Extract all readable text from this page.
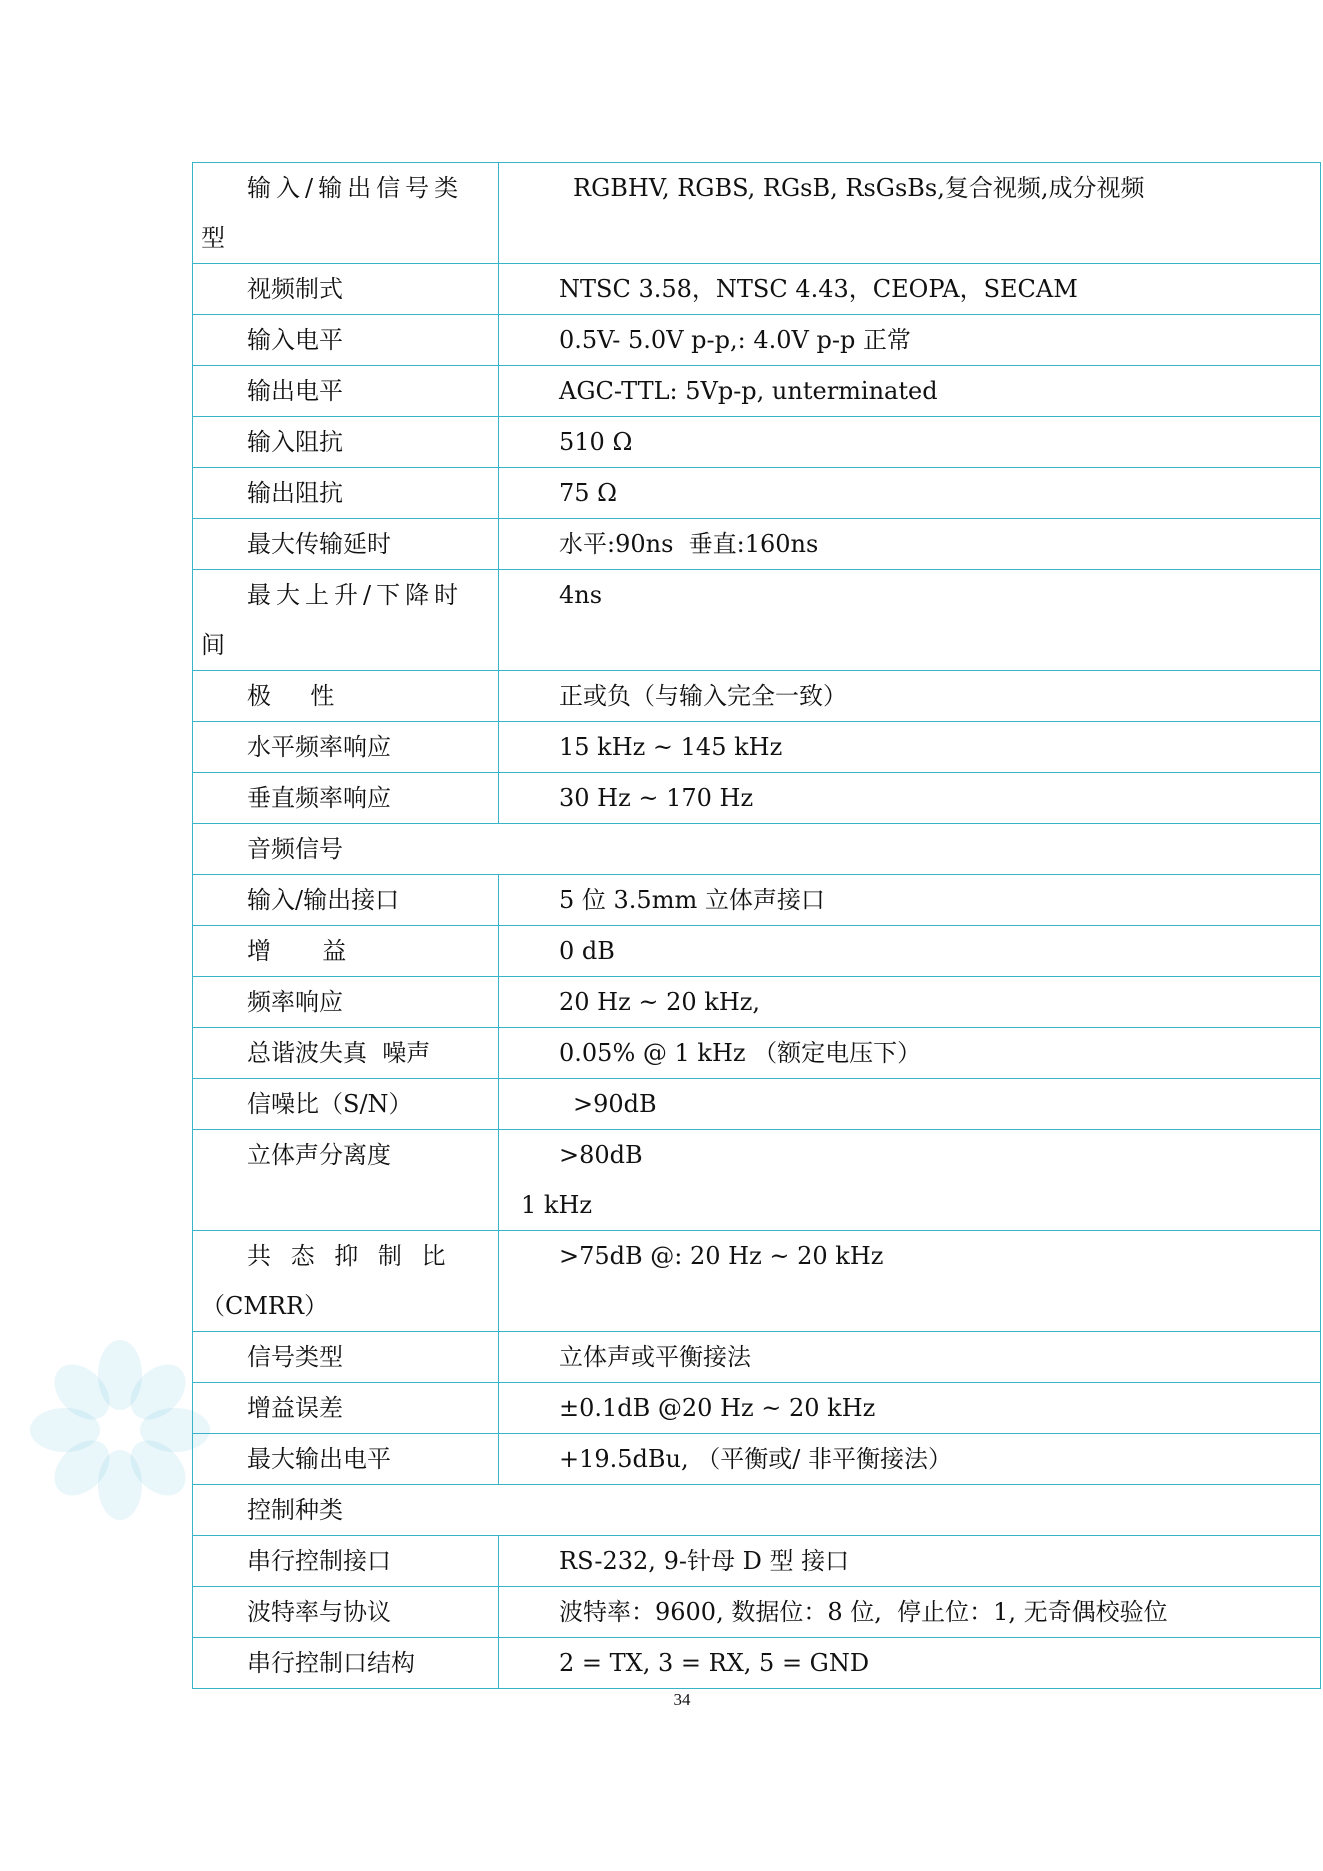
输入/输出信号类
型	RGBHV, RGBS, RGsB, RsGsBs,复合视频,成分视频
视频制式	NTSC 3.58，NTSC 4.43，CEOPA，SECAM
输入电平	0.5V- 5.0V p-p,: 4.0V p-p 正常
输出电平	AGC-TTL: 5Vp-p, unterminated
输入阻抗	510 Ω
输出阻抗	75 Ω
最大传输延时	水平:90ns  垂直:160ns

最大上升/下降时
间	4ns
极  性	正或负（与输入完全一致）
水平频率响应	15 kHz ~ 145 kHz
垂直频率响应	30 Hz ~ 170 Hz
音频信号	
输入/输出接口	5 位 3.5mm 立体声接口
增  益	0 dB
频率响应	20 Hz ~ 20 kHz,
总谐波失真  噪声	0.05% @ 1 kHz （额定电压下）
信噪比（S/N）	>90dB
立体声分离度	>80dB
1 kHz

共 态 抑 制 比
（CMRR）	>75dB @: 20 Hz ~ 20 kHz
信号类型	立体声或平衡接法
增益误差	±0.1dB @20 Hz ~ 20 kHz
最大输出电平	+19.5dBu, （平衡或/ 非平衡接法）
控制种类	
串行控制接口	RS-232, 9-针母 D 型 接口
波特率与协议	波特率：9600, 数据位：8 位,  停止位：1, 无奇偶校验位
串行控制口结构	2 = TX, 3 = RX, 5 = GND
34
